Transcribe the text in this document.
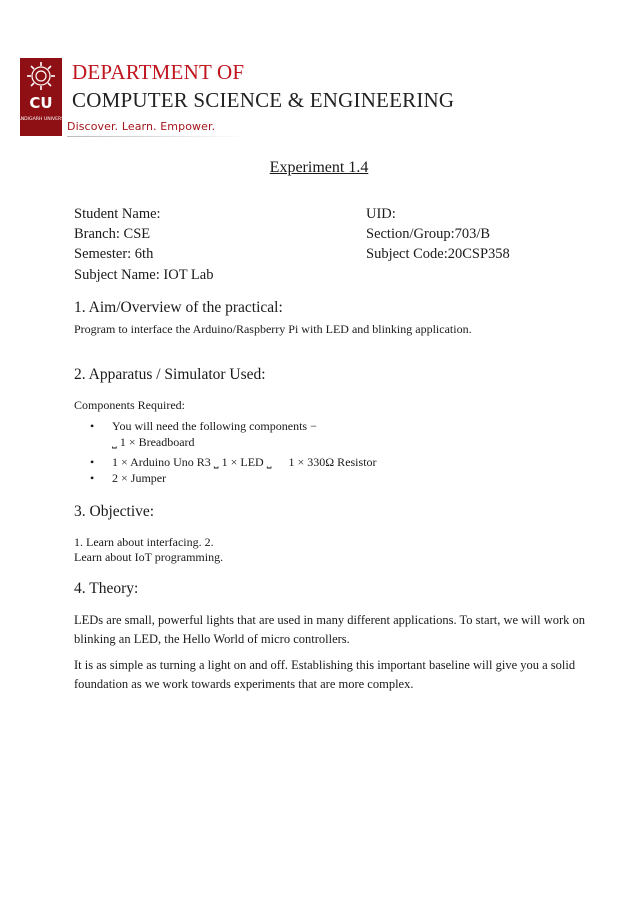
CU
CHANDIGARH UNIVERSITY
DEPARTMENT OF
COMPUTER SCIENCE & ENGINEERING
Discover. Learn. Empower.
Experiment 1.4
Student Name:	UID:
Branch: CSE	Section/Group:703/B
Semester: 6th	Subject Code:20CSP358
Subject Name: IOT Lab
1. Aim/Overview of the practical:
Program to interface the Arduino/Raspberry Pi with LED and blinking application.
2. Apparatus / Simulator Used:
Components Required:
• You will need the following components −
⎵ 1 × Breadboard
• 1 × Arduino Uno R3 ⎵ 1 × LED ⎵ 1 × 330Ω Resistor
• 2 × Jumper
3. Objective:
1. Learn about interfacing. 2.
Learn about IoT programming.
4. Theory:
LEDs are small, powerful lights that are used in many different applications. To start, we will work on blinking an LED, the Hello World of micro controllers.
It is as simple as turning a light on and off. Establishing this important baseline will give you a solid foundation as we work towards experiments that are more complex.
